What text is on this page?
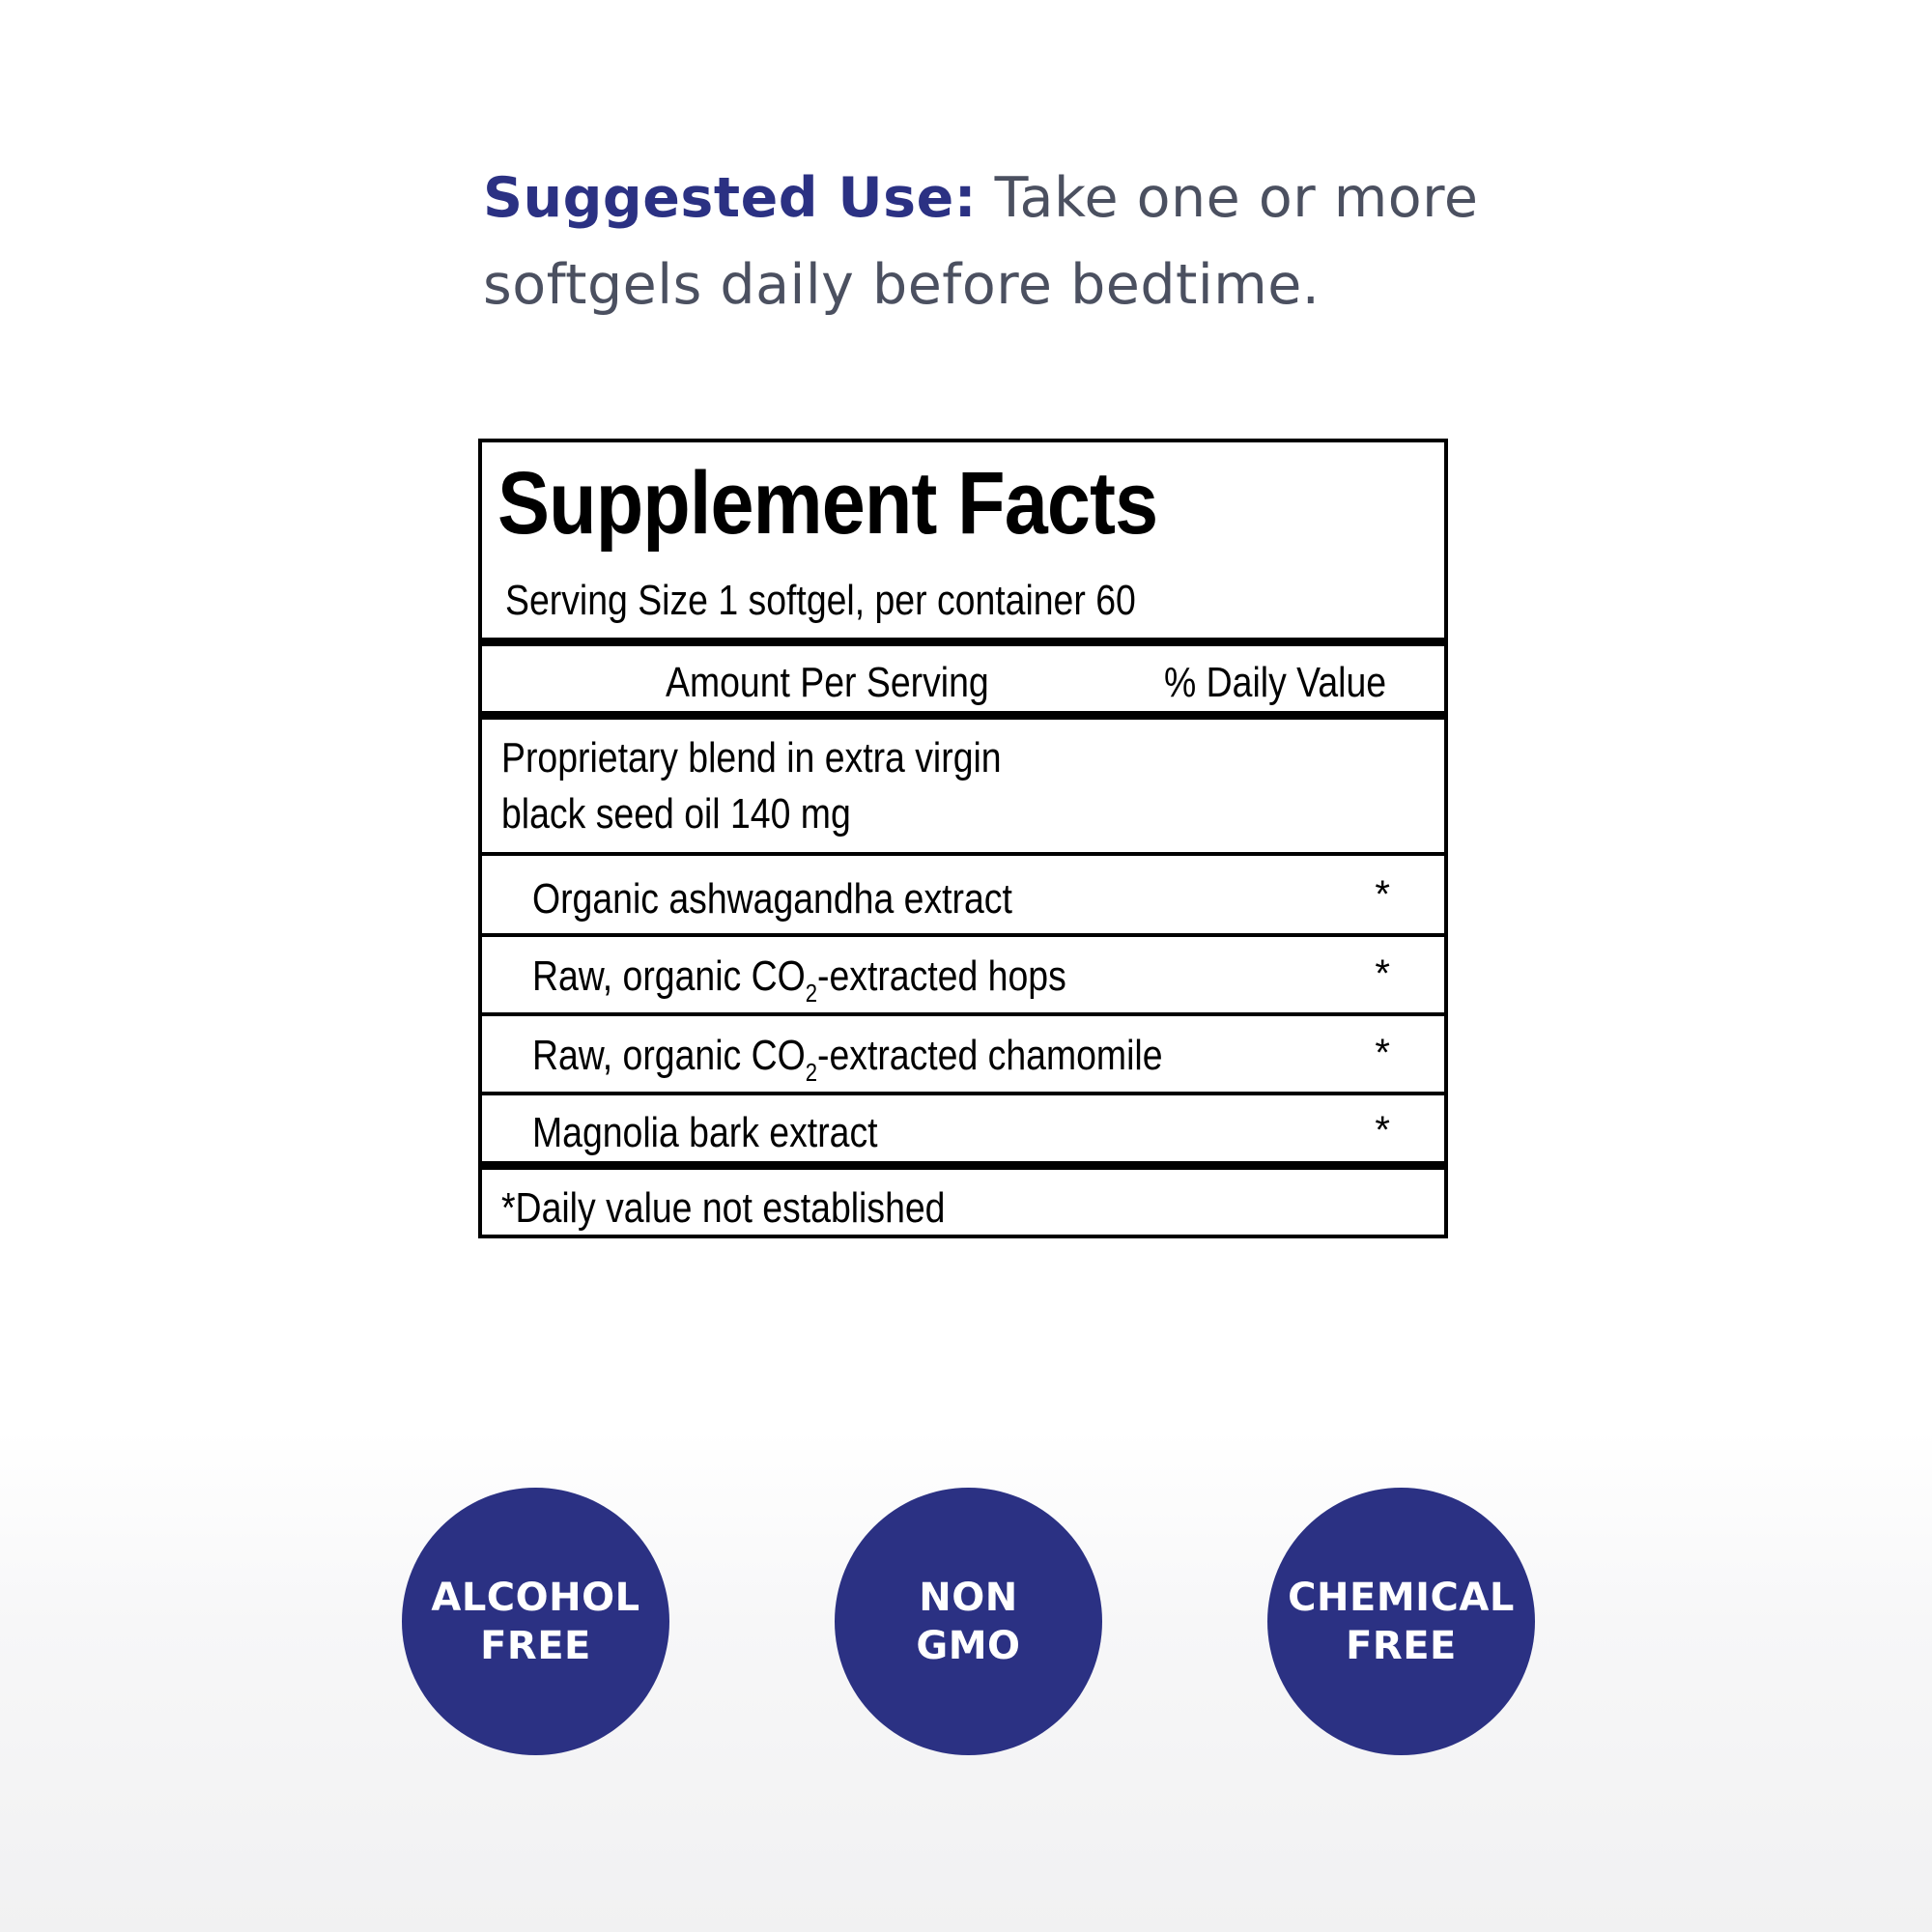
Suggested Use: Take one or more softgels daily before bedtime.
Supplement Facts
Serving Size 1 softgel, per container 60
Amount Per Serving	% Daily Value
Proprietary blend in extra virgin
black seed oil 140 mg
Organic ashwagandha extract	*
Raw, organic $CO_2$-extracted hops	*
Raw, organic $CO_2$-extracted chamomile	*
Magnolia bark extract	*
*Daily value not established
ALCOHOL
FREE
NON
GMO
CHEMICAL
FREE
